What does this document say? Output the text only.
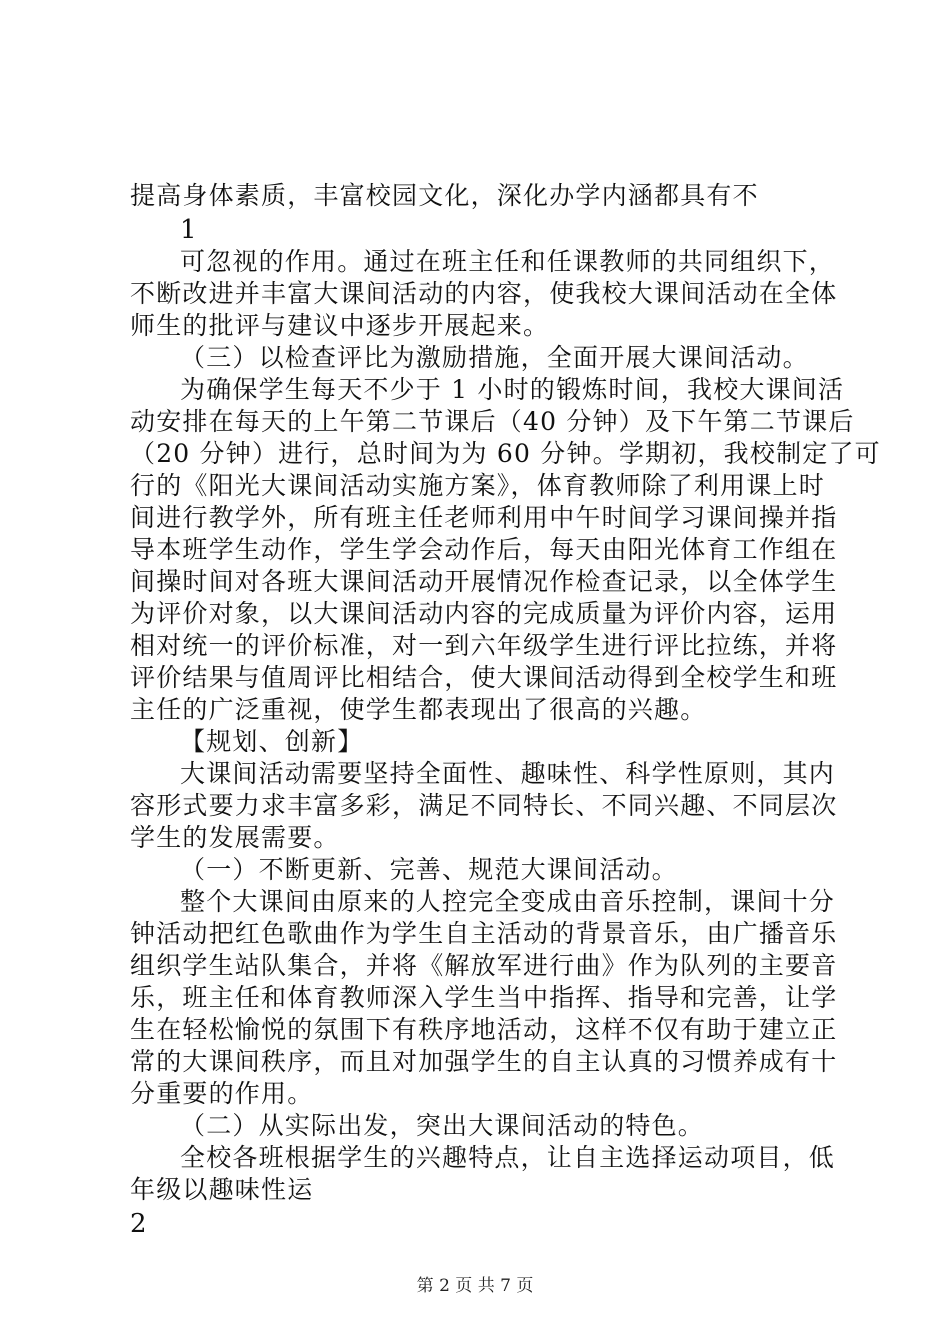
提高身体素质，丰富校园文化，深化办学内涵都具有不
1
可忽视的作用。通过在班主任和任课教师的共同组织下，
不断改进并丰富大课间活动的内容，使我校大课间活动在全体
师生的批评与建议中逐步开展起来。
（三）以检查评比为激励措施，全面开展大课间活动。
为确保学生每天不少于 1 小时的锻炼时间，我校大课间活
动安排在每天的上午第二节课后（40 分钟）及下午第二节课后
（20 分钟）进行，总时间为为 60 分钟。学期初，我校制定了可
行的《阳光大课间活动实施方案》，体育教师除了利用课上时
间进行教学外，所有班主任老师利用中午时间学习课间操并指
导本班学生动作，学生学会动作后，每天由阳光体育工作组在
间操时间对各班大课间活动开展情况作检查记录，以全体学生
为评价对象，以大课间活动内容的完成质量为评价内容，运用
相对统一的评价标准，对一到六年级学生进行评比拉练，并将
评价结果与值周评比相结合，使大课间活动得到全校学生和班
主任的广泛重视，使学生都表现出了很高的兴趣。
【规划、创新】
大课间活动需要坚持全面性、趣味性、科学性原则，其内
容形式要力求丰富多彩，满足不同特长、不同兴趣、不同层次
学生的发展需要。
（一）不断更新、完善、规范大课间活动。
整个大课间由原来的人控完全变成由音乐控制，课间十分
钟活动把红色歌曲作为学生自主活动的背景音乐，由广播音乐
组织学生站队集合，并将《解放军进行曲》作为队列的主要音
乐，班主任和体育教师深入学生当中指挥、指导和完善，让学
生在轻松愉悦的氛围下有秩序地活动，这样不仅有助于建立正
常的大课间秩序，而且对加强学生的自主认真的习惯养成有十
分重要的作用。
（二）从实际出发，突出大课间活动的特色。
全校各班根据学生的兴趣特点，让自主选择运动项目，低
年级以趣味性运
2
第 2 页 共 7 页
